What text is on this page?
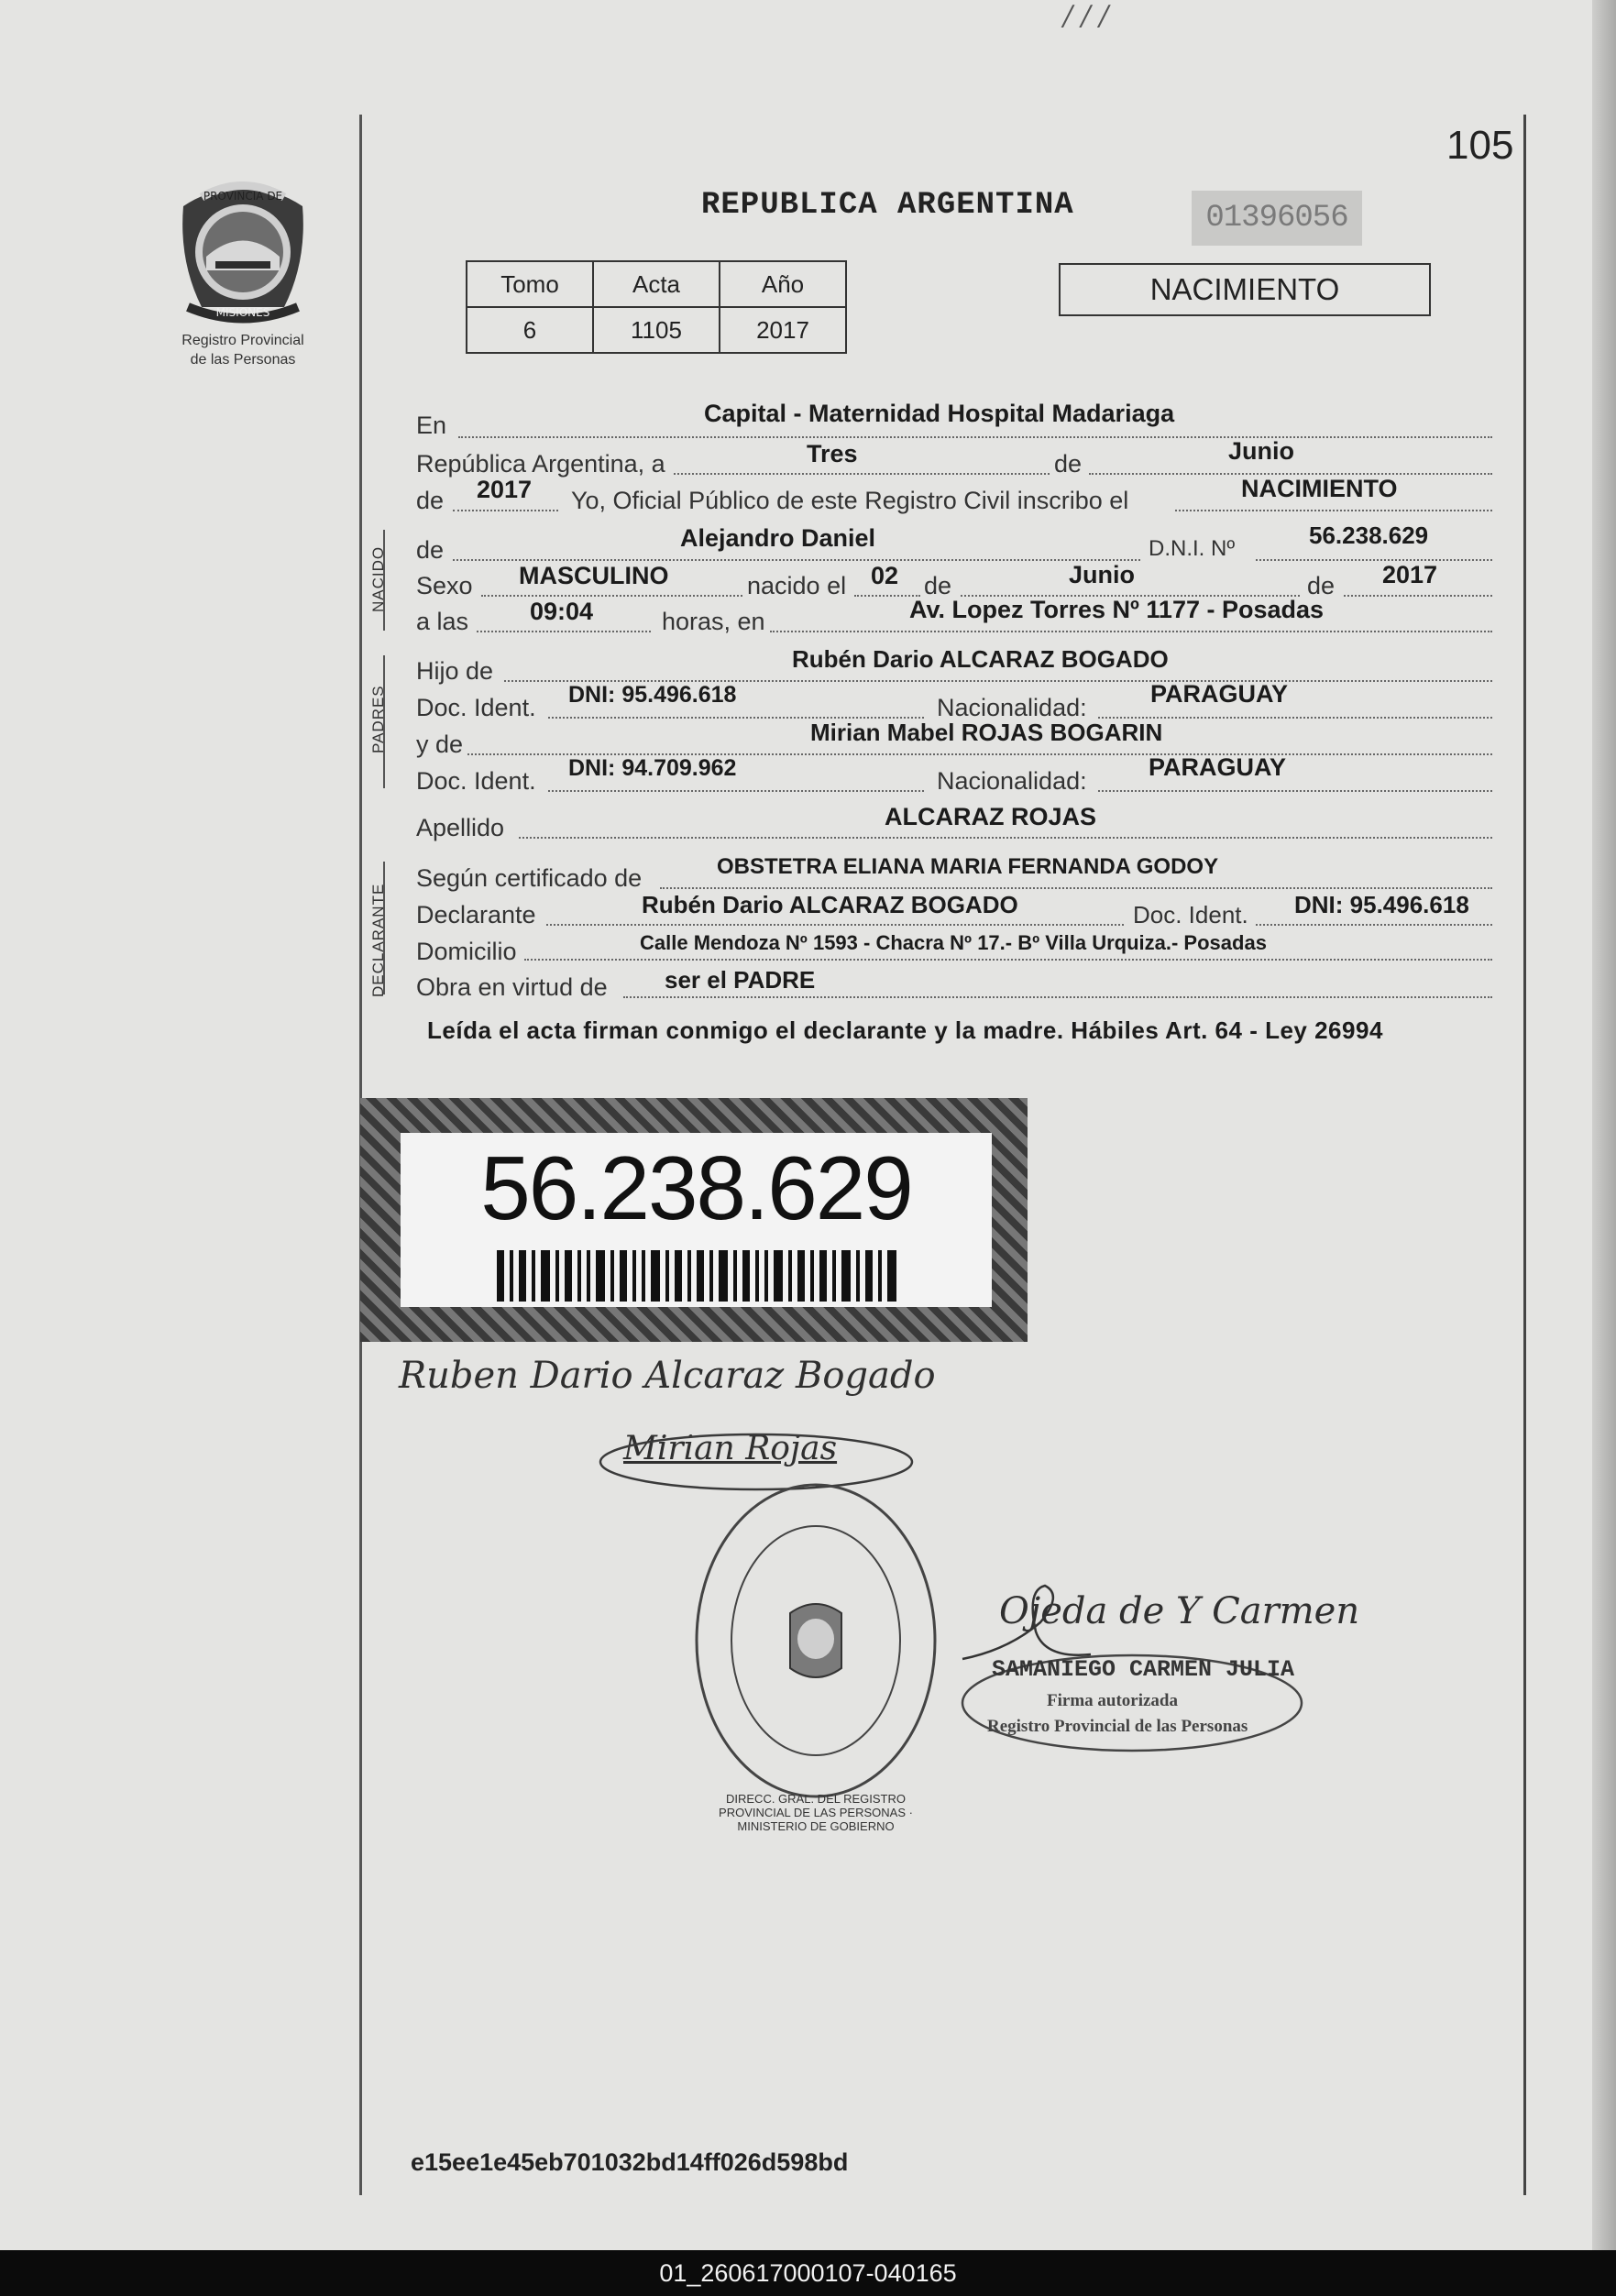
/ / /
105
PROVINCIA DE
MISIONES
Registro Provincial
de las Personas
REPUBLICA ARGENTINA	01396056
Tomo	Acta	Año
6	1105	2017
NACIMIENTO
En	Capital - Maternidad Hospital Madariaga
República Argentina, a	Tres	de	Junio
de 2017 Yo, Oficial Público de este Registro Civil inscribo el	NACIMIENTO
NACIDO de	Alejandro Daniel	D.N.I. Nº	56.238.629
Sexo MASCULINO	nacido el 02 de	Junio	de 2017
a las 09:04	horas, en	Av. Lopez Torres Nº 1177 - Posadas
PADRES
Hijo de	Rubén Dario ALCARAZ BOGADO
Doc. Ident. DNI: 95.496.618	Nacionalidad:	PARAGUAY
y de	Mirian Mabel ROJAS BOGARIN
Doc. Ident. DNI: 94.709.962	Nacionalidad: PARAGUAY
Apellido	ALCARAZ ROJAS
DECLARANTE
Según certificado de	OBSTETRA ELIANA MARIA FERNANDA GODOY
Declarante	Rubén Dario ALCARAZ BOGADO	Doc. Ident. DNI: 95.496.618
Domicilio	Calle Mendoza Nº 1593 - Chacra Nº 17.- Bº Villa Urquiza.- Posadas
Obra en virtud de ser el PADRE
Leída el acta firman conmigo el declarante y la madre. Hábiles Art. 64 - Ley 26994
56.238.629
Ruben Dario Alcaraz Bogado
Mirian Rojas
DIRECC. GRAL. DEL REGISTRO PROVINCIAL DE LAS PERSONAS · MINISTERIO DE GOBIERNO
Ojeda de Y Carmen
SAMANIEGO CARMEN JULIA
Firma autorizada
Registro Provincial de las Personas
e15ee1e45eb701032bd14ff026d598bd
01_260617000107-040165
